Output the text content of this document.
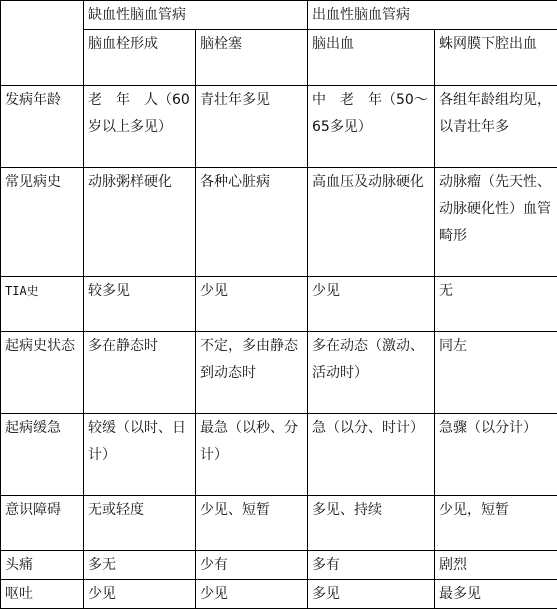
	缺血性脑血管病		出血性脑血管病	
	脑血栓形成	脑栓塞	脑出血	蛛网膜下腔出血
发病年龄	老　年　人（60岁以上多见）	青壮年多见	中　老　年（50～65多见）	各组年龄组均见，以青壮年多
常见病史	动脉粥样硬化	各种心脏病	高血压及动脉硬化	动脉瘤（先天性、动脉硬化性）血管畸形
TIA史	较多见	少见	少见	无
起病史状态	多在静态时	不定，多由静态到动态时	多在动态（激动、活动时）	同左
起病缓急	较缓（以时、日计）	最急（以秒、分计）	急（以分、时计）	急骤（以分计）
意识障碍	无或轻度	少见、短暂	多见、持续	少见，短暂
头痛	多无	少有	多有	剧烈
呕吐	少见	少见	多见	最多见
